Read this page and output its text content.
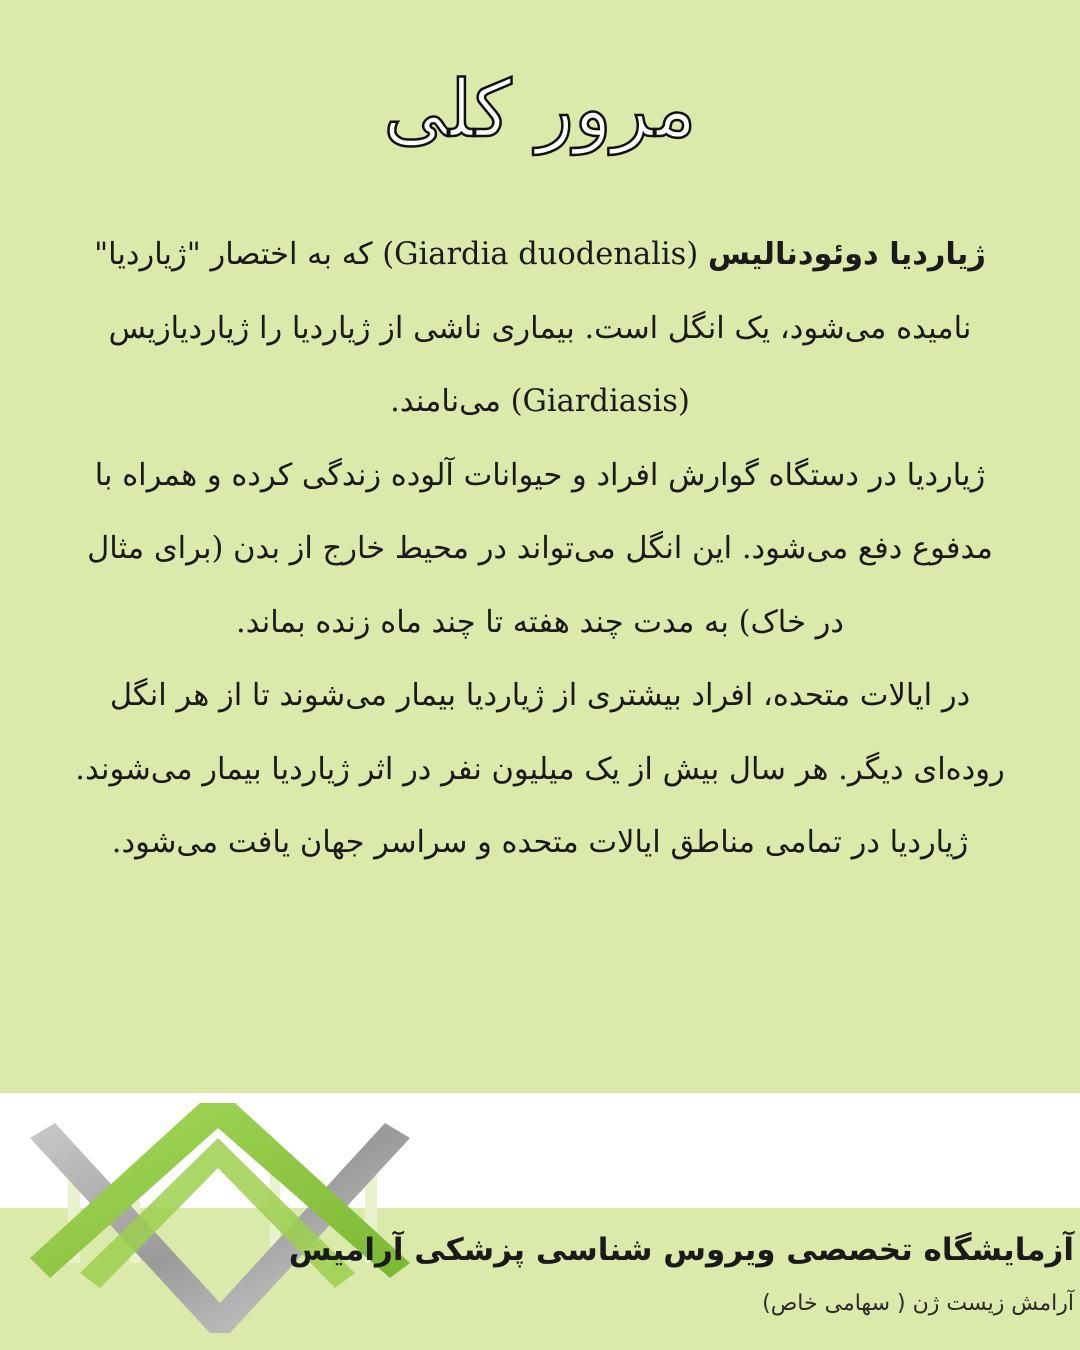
مرور کلی
ژیاردیا دوئودنالیس (Giardia duodenalis) که به اختصار "ژیاردیا"
نامیده می‌شود، یک انگل است. بیماری ناشی از ژیاردیا را ژیاردیازیس
(Giardiasis) می‌نامند.
ژیاردیا در دستگاه گوارش افراد و حیوانات آلوده زندگی کرده و همراه با
مدفوع دفع می‌شود. این انگل می‌تواند در محیط خارج از بدن (برای مثال
در خاک) به مدت چند هفته تا چند ماه زنده بماند.
در ایالات متحده، افراد بیشتری از ژیاردیا بیمار می‌شوند تا از هر انگل
روده‌ای دیگر. هر سال بیش از یک میلیون نفر در اثر ژیاردیا بیمار می‌شوند.
ژیاردیا در تمامی مناطق ایالات متحده و سراسر جهان یافت می‌شود.
آزمایشگاه تخصصی ویروس شناسی پزشکی آرامیس
آرامش زیست ژن ( سهامی خاص)
